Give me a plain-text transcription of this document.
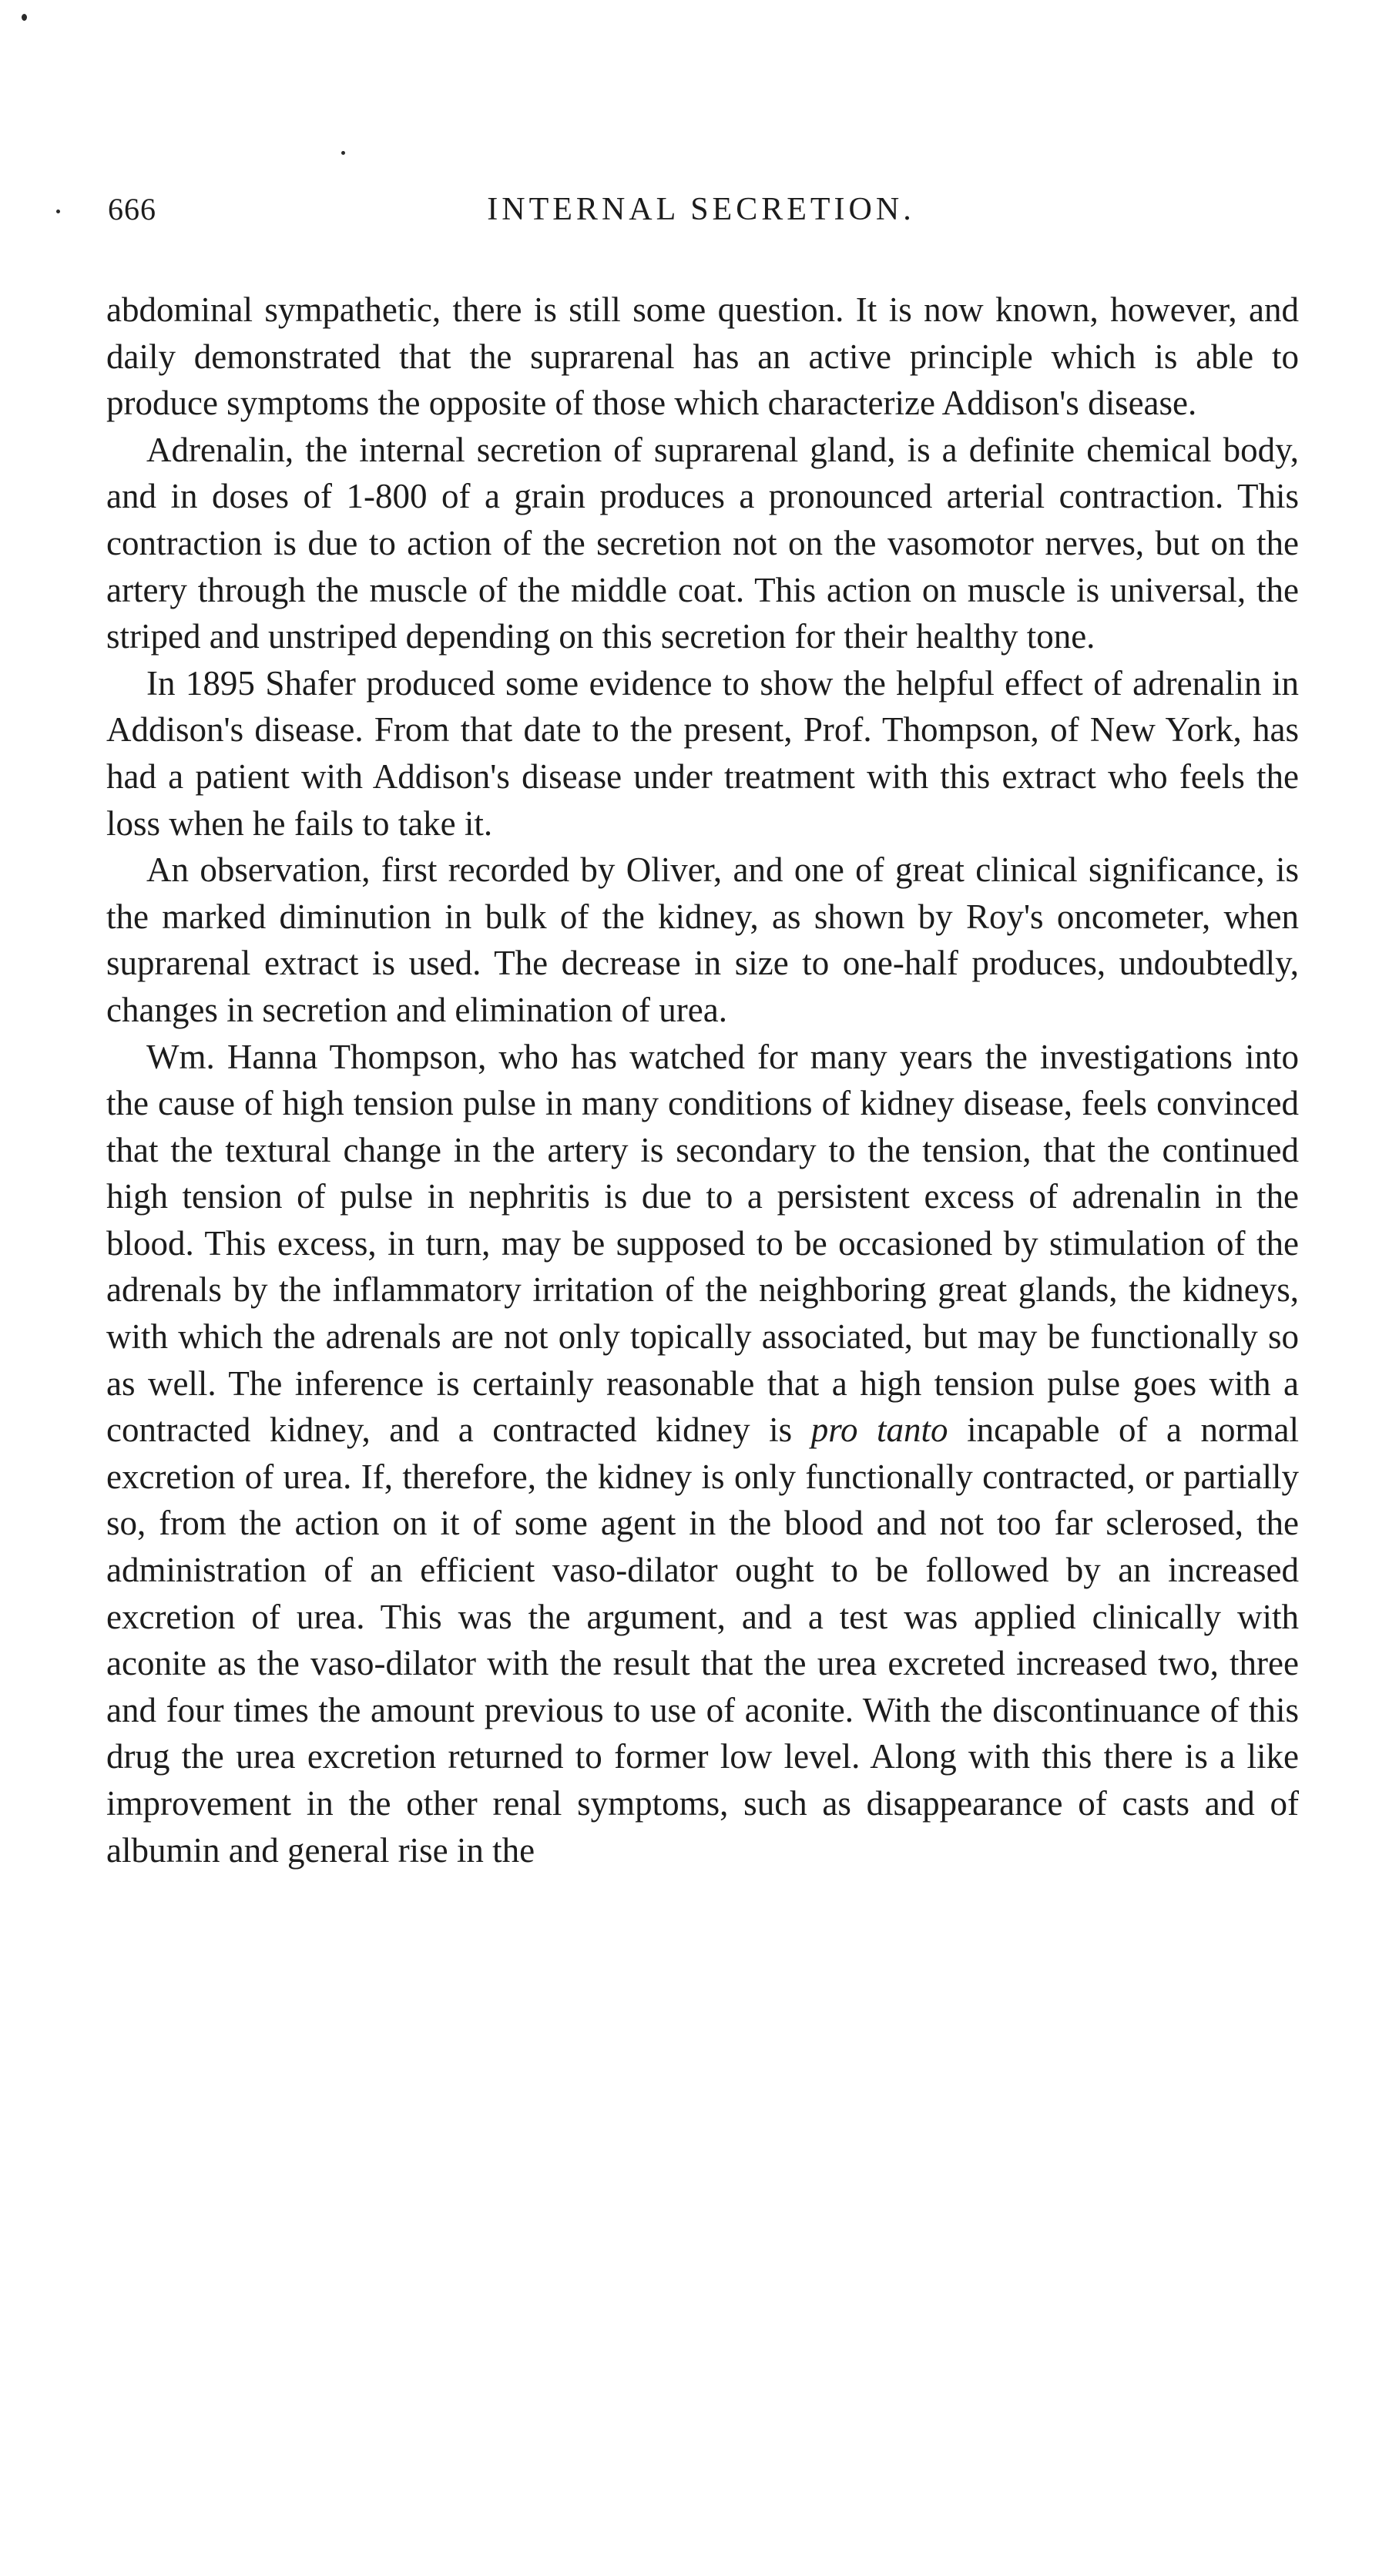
666	INTERNAL SECRETION.

abdominal sympathetic, there is still some question. It is now known, however, and daily demonstrated that the suprarenal has an active principle which is able to produce symptoms the opposite of those which characterize Addison's disease.

Adrenalin, the internal secretion of suprarenal gland, is a definite chemical body, and in doses of 1-800 of a grain produces a pronounced arterial contraction. This contraction is due to action of the secretion not on the vasomotor nerves, but on the artery through the muscle of the middle coat. This action on muscle is universal, the striped and unstriped depending on this secretion for their healthy tone.

In 1895 Shafer produced some evidence to show the helpful effect of adrenalin in Addison's disease. From that date to the present, Prof. Thompson, of New York, has had a patient with Addison's disease under treatment with this extract who feels the loss when he fails to take it.

An observation, first recorded by Oliver, and one of great clinical significance, is the marked diminution in bulk of the kidney, as shown by Roy's oncometer, when suprarenal extract is used. The decrease in size to one-half produces, undoubtedly, changes in secretion and elimination of urea.

Wm. Hanna Thompson, who has watched for many years the investigations into the cause of high tension pulse in many conditions of kidney disease, feels convinced that the textural change in the artery is secondary to the tension, that the continued high tension of pulse in nephritis is due to a persistent excess of adrenalin in the blood. This excess, in turn, may be supposed to be occasioned by stimulation of the adrenals by the inflammatory irritation of the neighboring great glands, the kidneys, with which the adrenals are not only topically associated, but may be functionally so as well. The inference is certainly reasonable that a high tension pulse goes with a contracted kidney, and a contracted kidney is pro tanto incapable of a normal excretion of urea. If, therefore, the kidney is only functionally contracted, or partially so, from the action on it of some agent in the blood and not too far sclerosed, the administration of an efficient vaso-dilator ought to be followed by an increased excretion of urea. This was the argument, and a test was applied clinically with aconite as the vaso-dilator with the result that the urea excreted increased two, three and four times the amount previous to use of aconite. With the discontinuance of this drug the urea excretion returned to former low level. Along with this there is a like improvement in the other renal symptoms, such as disappearance of casts and of albumin and general rise in the
